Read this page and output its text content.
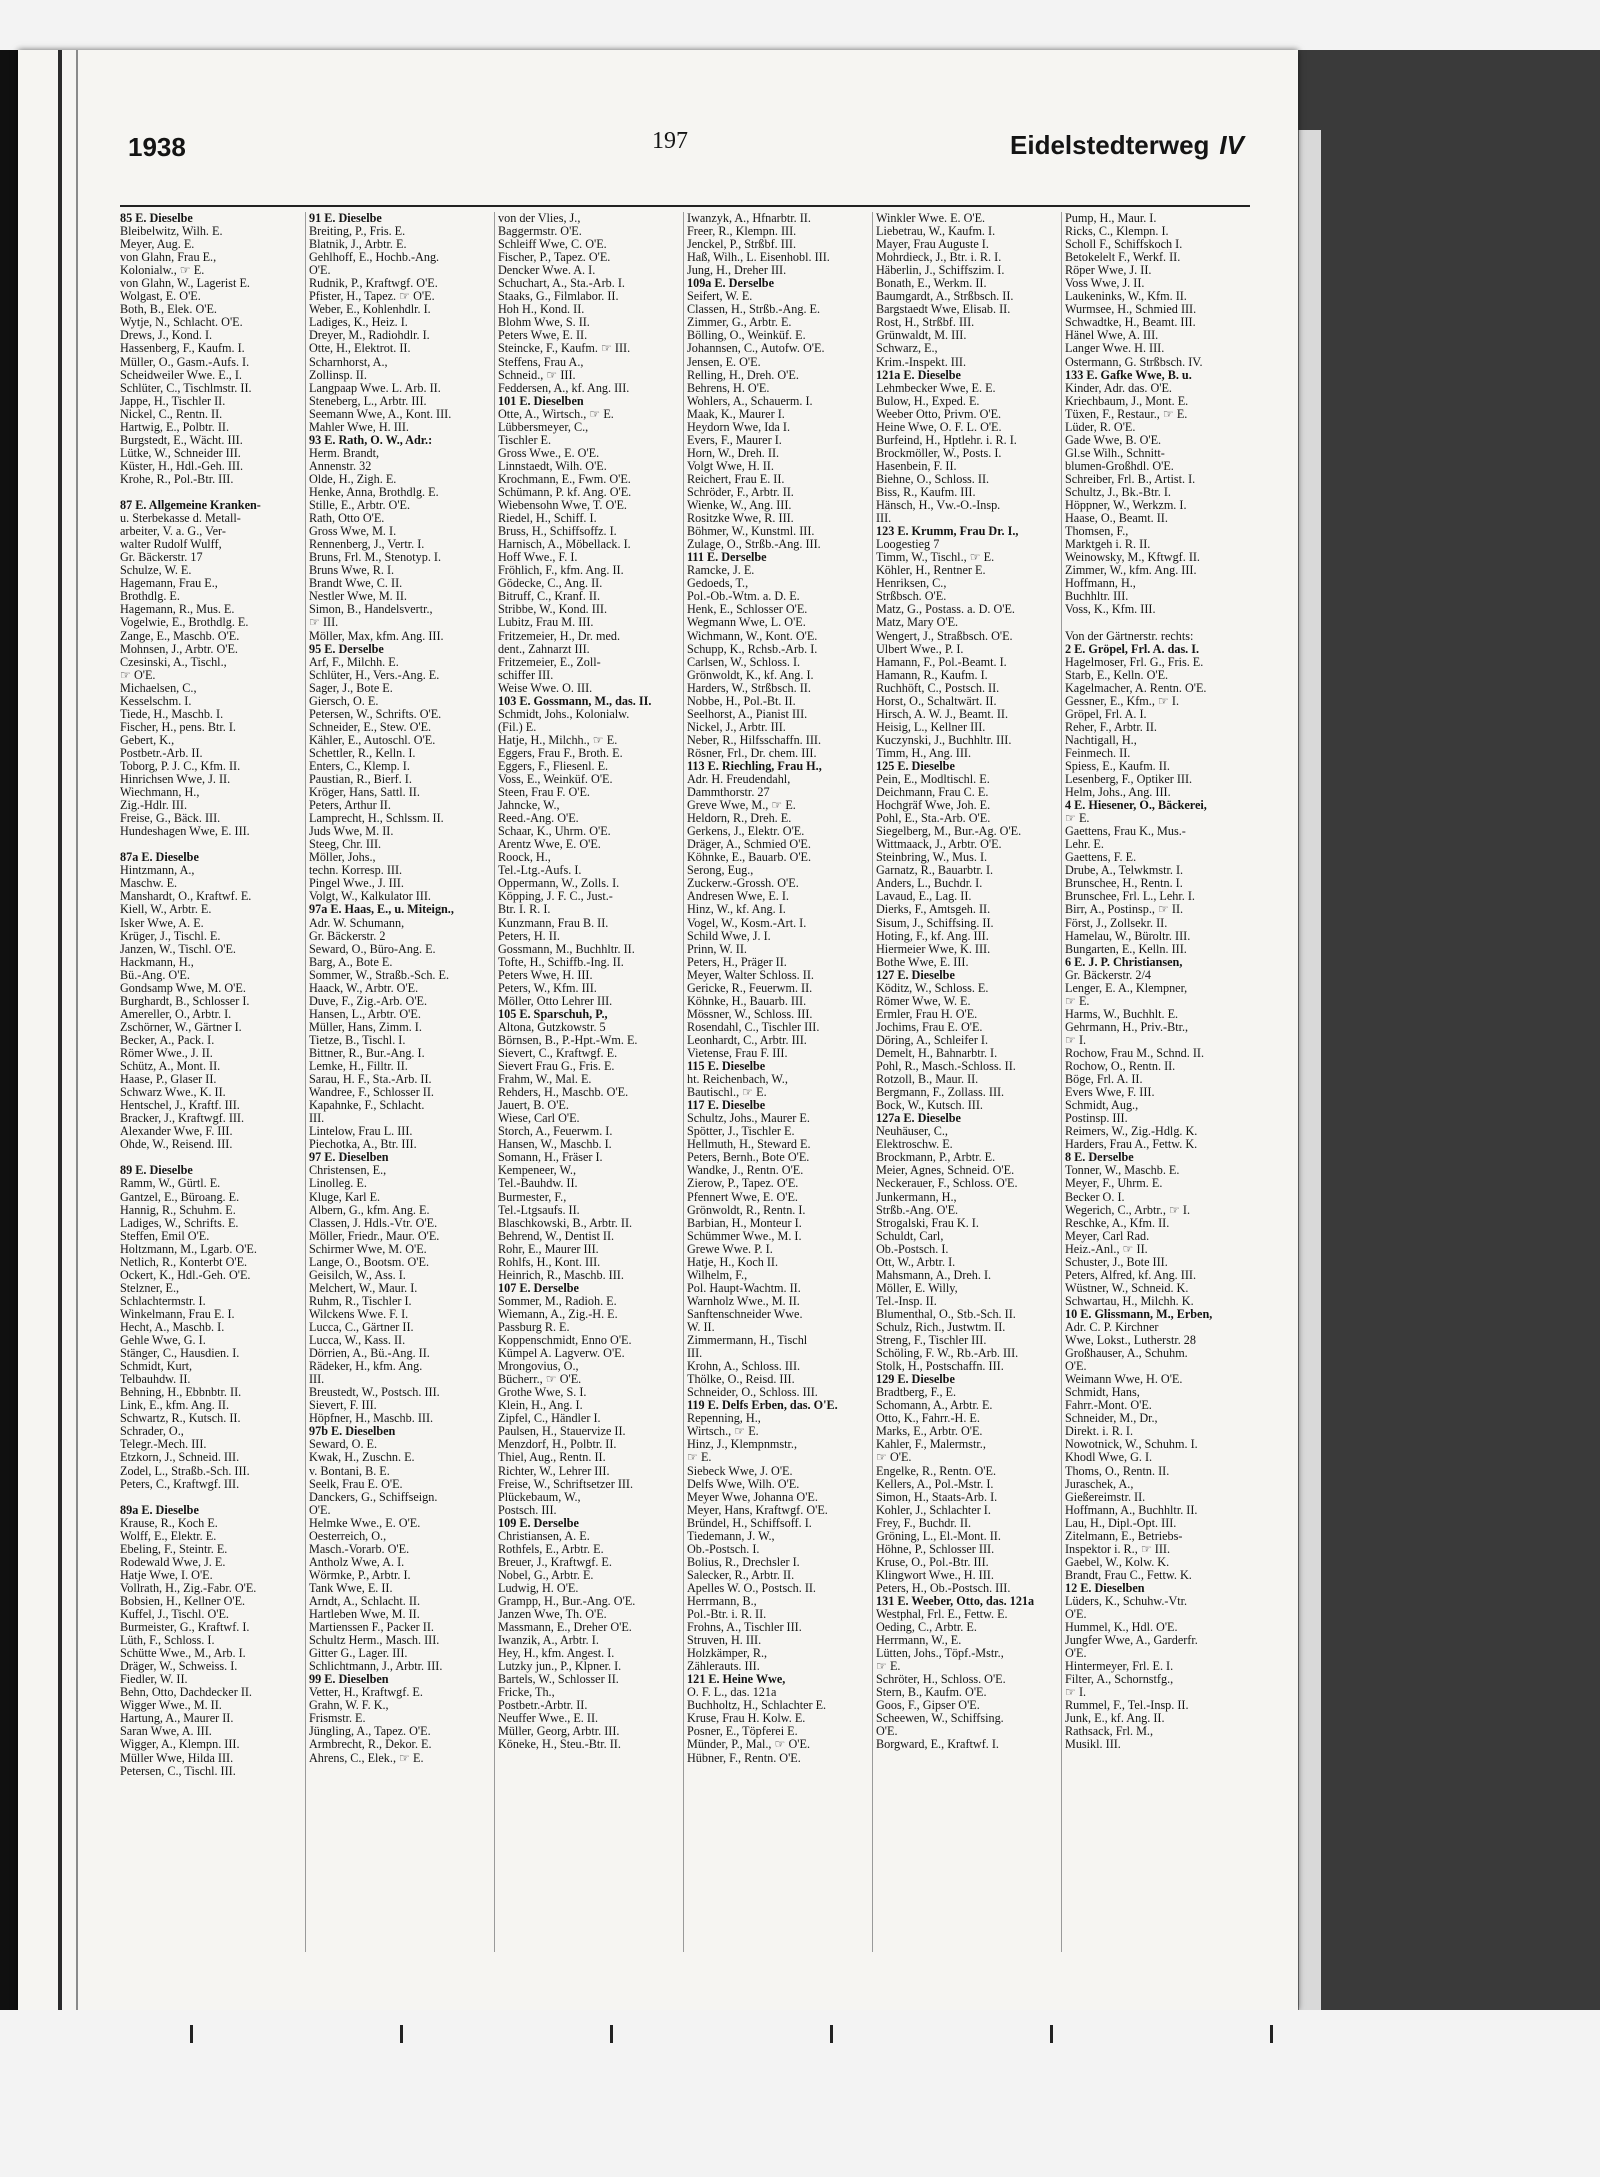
1938	197	Eidelstedterweg IV
85 E. Dieselbe
Bleibelwitz, Wilh. E.
Meyer, Aug. E.
von Glahn, Frau E.,
Kolonialw., ☞ E.
von Glahn, W., Lagerist E.
Wolgast, E. O'E.
Both, B., Elek. O'E.
Wytje, N., Schlacht. O'E.
Drews, J., Kond. I.
Hassenberg, F., Kaufm. I.
Müller, O., Gasm.-Aufs. I.
Scheidweiler Wwe. E., I.
Schlüter, C., Tischlmstr. II.
Jappe, H., Tischler II.
Nickel, C., Rentn. II.
Hartwig, E., Polbtr. II.
Burgstedt, E., Wächt. III.
Lütke, W., Schneider III.
Küster, H., Hdl.-Geh. III.
Krohe, R., Pol.-Btr. III.

87 E. Allgemeine Kranken-
u. Sterbekasse d. Metall-
arbeiter, V. a. G., Ver-
walter Rudolf Wulff,
Gr. Bäckerstr. 17
Schulze, W. E.
Hagemann, Frau E.,
Brothdlg. E.
Hagemann, R., Mus. E.
Vogelwie, E., Brothdlg. E.
Zange, E., Maschb. O'E.
Mohnsen, J., Arbtr. O'E.
Czesinski, A., Tischl.,
☞ O'E.
Michaelsen, C.,
Kesselschm. I.
Tiede, H., Maschb. I.
Fischer, H., pens. Btr. I.
Gebert, K.,
Postbetr.-Arb. II.
Toborg, P. J. C., Kfm. II.
Hinrichsen Wwe, J. II.
Wiechmann, H.,
Zig.-Hdlr. III.
Freise, G., Bäck. III.
Hundeshagen Wwe, E. III.

87a E. Dieselbe
Hintzmann, A.,
Maschw. E.
Manshardt, O., Kraftwf. E.
Kiell, W., Arbtr. E.
Isker Wwe, A. E.
Krüger, J., Tischl. E.
Janzen, W., Tischl. O'E.
Hackmann, H.,
Bü.-Ang. O'E.
Gondsamp Wwe, M. O'E.
Burghardt, B., Schlosser I.
Amereller, O., Arbtr. I.
Zschörner, W., Gärtner I.
Becker, A., Pack. I.
Römer Wwe., J. II.
Schütz, A., Mont. II.
Haase, P., Glaser II.
Schwarz Wwe., K. II.
Hentschel, J., Kraftf. III.
Bracker, J., Kraftwgf. III.
Alexander Wwe, F. III.
Ohde, W., Reisend. III.

89 E. Dieselbe
Ramm, W., Gürtl. E.
Gantzel, E., Büroang. E.
Hannig, R., Schuhm. E.
Ladiges, W., Schrifts. E.
Steffen, Emil O'E.
Holtzmann, M., Lgarb. O'E.
Netlich, R., Konterbt O'E.
Ockert, K., Hdl.-Geh. O'E.
Stelzner, E.,
Schlachtermstr. I.
Winkelmann, Frau E. I.
Hecht, A., Maschb. I.
Gehle Wwe, G. I.
Stänger, C., Hausdien. I.
Schmidt, Kurt,
Telbauhdw. II.
Behning, H., Ebbnbtr. II.
Link, E., kfm. Ang. II.
Schwartz, R., Kutsch. II.
Schrader, O.,
Telegr.-Mech. III.
Etzkorn, J., Schneid. III.
Zodel, L., Straßb.-Sch. III.
Peters, C., Kraftwgf. III.

89a E. Dieselbe
Krause, R., Koch E.
Wolff, E., Elektr. E.
Ebeling, F., Steintr. E.
Rodewald Wwe, J. E.
Hatje Wwe, I. O'E.
Vollrath, H., Zig.-Fabr. O'E.
Bobsien, H., Kellner O'E.
Kuffel, J., Tischl. O'E.
Burmeister, G., Kraftwf. I.
Lüth, F., Schloss. I.
Schütte Wwe., M., Arb. I.
Dräger, W., Schweiss. I.
Fiedler, W. II.
Behn, Otto, Dachdecker II.
Wigger Wwe., M. II.
Hartung, A., Maurer II.
Saran Wwe, A. III.
Wigger, A., Klempn. III.
Müller Wwe, Hilda III.
Petersen, C., Tischl. III.
91 E. Dieselbe
Breiting, P., Fris. E.
Blatnik, J., Arbtr. E.
Gehlhoff, E., Hochb.-Ang.
O'E.
Rudnik, P., Kraftwgf. O'E.
Pfister, H., Tapez. ☞ O'E.
Weber, E., Kohlenhdlr. I.
Ladiges, K., Heiz. I.
Dreyer, M., Radiohdlr. I.
Otte, H., Elektrot. II.
Scharnhorst, A.,
Zollinsp. II.
Langpaap Wwe. L. Arb. II.
Steneberg, L., Arbtr. III.
Seemann Wwe, A., Kont. III.
Mahler Wwe, H. III.
93 E. Rath, O. W., Adr.:
Herm. Brandt,
Annenstr. 32
Olde, H., Zigh. E.
Henke, Anna, Brothdlg. E.
Stille, E., Arbtr. O'E.
Rath, Otto O'E.
Gross Wwe, M. I.
Rennenberg, J., Vertr. I.
Bruns, Frl. M., Stenotyp. I.
Bruns Wwe, R. I.
Brandt Wwe, C. II.
Nestler Wwe, M. II.
Simon, B., Handelsvertr.,
☞ III.
Möller, Max, kfm. Ang. III.
95 E. Derselbe
Arf, F., Milchh. E.
Schlüter, H., Vers.-Ang. E.
Sager, J., Bote E.
Giersch, O. E.
Petersen, W., Schrifts. O'E.
Schneider, E., Stew. O'E.
Kähler, E., Autoschl. O'E.
Schettler, R., Kelln. I.
Enters, C., Klemp. I.
Paustian, R., Bierf. I.
Kröger, Hans, Sattl. II.
Peters, Arthur II.
Lamprecht, H., Schlssm. II.
Juds Wwe, M. II.
Steeg, Chr. III.
Möller, Johs.,
techn. Korresp. III.
Pingel Wwe., J. III.
Volgt, W., Kalkulator III.
97a E. Haas, E., u. Miteign.,
Adr. W. Schumann,
Gr. Bäckerstr. 2
Seward, O., Büro-Ang. E.
Barg, A., Bote E.
Sommer, W., Straßb.-Sch. E.
Haack, W., Arbtr. O'E.
Duve, F., Zig.-Arb. O'E.
Hansen, L., Arbtr. O'E.
Müller, Hans, Zimm. I.
Tietze, B., Tischl. I.
Bittner, R., Bur.-Ang. I.
Lemke, H., Filltr. II.
Sarau, H. F., Sta.-Arb. II.
Wandree, F., Schlosser II.
Kapahnke, F., Schlacht.
III.
Lintelow, Frau L. III.
Piechotka, A., Btr. III.
97 E. Dieselben
Christensen, E.,
Linolleg. E.
Kluge, Karl E.
Albern, G., kfm. Ang. E.
Classen, J. Hdls.-Vtr. O'E.
Möller, Friedr., Maur. O'E.
Schirmer Wwe, M. O'E.
Lange, O., Bootsm. O'E.
Geisilch, W., Ass. I.
Melchert, W., Maur. I.
Ruhm, R., Tischler I.
Wilckens Wwe. F. I.
Lucca, C., Gärtner II.
Lucca, W., Kass. II.
Dörrien, A., Bü.-Ang. II.
Rädeker, H., kfm. Ang.
III.
Breustedt, W., Postsch. III.
Sievert, F. III.
Höpfner, H., Maschb. III.
97b E. Dieselben
Seward, O. E.
Kwak, H., Zuschn. E.
v. Bontani, B. E.
Seelk, Frau E. O'E.
Danckers, G., Schiffseign.
O'E.
Helmke Wwe., E. O'E.
Oesterreich, O.,
Masch.-Vorarb. O'E.
Antholz Wwe, A. I.
Wörmke, P., Arbtr. I.
Tank Wwe, E. II.
Arndt, A., Schlacht. II.
Hartleben Wwe, M. II.
Martienssen F., Packer II.
Schultz Herm., Masch. III.
Gitter G., Lager. III.
Schlichtmann, J., Arbtr. III.
99 E. Dieselben
Vetter, H., Kraftwgf. E.
Grahn, W. F. K.,
Frismstr. E.
Jüngling, A., Tapez. O'E.
Armbrecht, R., Dekor. E.
Ahrens, C., Elek., ☞ E.
von der Vlies, J.,
Baggermstr. O'E.
Schleiff Wwe, C. O'E.
Fischer, P., Tapez. O'E.
Dencker Wwe. A. I.
Schuchart, A., Sta.-Arb. I.
Staaks, G., Filmlabor. II.
Hoh H., Kond. II.
Blohm Wwe, S. II.
Peters Wwe, E. II.
Steincke, F., Kaufm. ☞ III.
Steffens, Frau A.,
Schneid., ☞ III.
Feddersen, A., kf. Ang. III.
101 E. Dieselben
Otte, A., Wirtsch., ☞ E.
Lübbersmeyer, C.,
Tischler E.
Gross Wwe., E. O'E.
Linnstaedt, Wilh. O'E.
Krochmann, E., Fwm. O'E.
Schümann, P. kf. Ang. O'E.
Wiebensohn Wwe, T. O'E.
Riedel, H., Schiff. I.
Bruss, H., Schiffsoffz. I.
Harnisch, A., Möbellack. I.
Hoff Wwe., F. I.
Fröhlich, F., kfm. Ang. II.
Gödecke, C., Ang. II.
Bitruff, C., Kranf. II.
Stribbe, W., Kond. III.
Lubitz, Frau M. III.
Fritzemeier, H., Dr. med.
dent., Zahnarzt III.
Fritzemeier, E., Zoll-
schiffer III.
Weise Wwe. O. III.
103 E. Gossmann, M., das. II.
Schmidt, Johs., Kolonialw.
(Fil.) E.
Hatje, H., Milchh., ☞ E.
Eggers, Frau F., Broth. E.
Eggers, F., Fliesenl. E.
Voss, E., Weinküf. O'E.
Steen, Frau F. O'E.
Jahncke, W.,
Reed.-Ang. O'E.
Schaar, K., Uhrm. O'E.
Arentz Wwe, E. O'E.
Roock, H.,
Tel.-Ltg.-Aufs. I.
Oppermann, W., Zolls. I.
Köpping, J. F. C., Just.-
Btr. I. R. I.
Kunzmann, Frau B. II.
Peters, H. II.
Gossmann, M., Buchhltr. II.
Tofte, H., Schiffb.-Ing. II.
Peters Wwe, H. III.
Peters, W., Kfm. III.
Möller, Otto Lehrer III.
105 E. Sparschuh, P.,
Altona, Gutzkowstr. 5
Börnsen, B., P.-Hpt.-Wm. E.
Sievert, C., Kraftwgf. E.
Sievert Frau G., Fris. E.
Frahm, W., Mal. E.
Rehders, H., Maschb. O'E.
Jauert, B. O'E.
Wiese, Carl O'E.
Storch, A., Feuerwm. I.
Hansen, W., Maschb. I.
Somann, H., Fräser I.
Kempeneer, W.,
Tel.-Bauhdw. II.
Burmester, F.,
Tel.-Ltgsaufs. II.
Blaschkowski, B., Arbtr. II.
Behrend, W., Dentist II.
Rohr, E., Maurer III.
Rohlfs, H., Kont. III.
Heinrich, R., Maschb. III.
107 E. Derselbe
Sommer, M., Radioh. E.
Wiemann, A., Zig.-H. E.
Passburg R. E.
Koppenschmidt, Enno O'E.
Kümpel A. Lagverw. O'E.
Mrongovius, O.,
Bücherr., ☞ O'E.
Grothe Wwe, S. I.
Klein, H., Ang. I.
Zipfel, C., Händler I.
Paulsen, H., Stauervize II.
Menzdorf, H., Polbtr. II.
Thiel, Aug., Rentn. II.
Richter, W., Lehrer III.
Freise, W., Schriftsetzer III.
Plückebaum, W.,
Postsch. III.
109 E. Derselbe
Christiansen, A. E.
Rothfels, E., Arbtr. E.
Breuer, J., Kraftwgf. E.
Nobel, G., Arbtr. E.
Ludwig, H. O'E.
Grampp, H., Bur.-Ang. O'E.
Janzen Wwe, Th. O'E.
Massmann, E., Dreher O'E.
Iwanzik, A., Arbtr. I.
Hey, H., kfm. Angest. I.
Lutzky jun., P., Klpner. I.
Bartels, W., Schlosser II.
Fricke, Th.,
Postbetr.-Arbtr. II.
Neuffer Wwe., E. II.
Müller, Georg, Arbtr. III.
Köneke, H., Steu.-Btr. II.
Iwanzyk, A., Hfnarbtr. II.
Freer, R., Klempn. III.
Jenckel, P., Strßbf. III.
Haß, Wilh., L. Eisenhobl. III.
Jung, H., Dreher III.
109a E. Derselbe
Seifert, W. E.
Classen, H., Strßb.-Ang. E.
Zimmer, G., Arbtr. E.
Bölling, O., Weinküf. E.
Johannsen, C., Autofw. O'E.
Jensen, E. O'E.
Relling, H., Dreh. O'E.
Behrens, H. O'E.
Wohlers, A., Schauerm. I.
Maak, K., Maurer I.
Heydorn Wwe, Ida I.
Evers, F., Maurer I.
Horn, W., Dreh. II.
Volgt Wwe, H. II.
Reichert, Frau E. II.
Schröder, F., Arbtr. II.
Wienke, W., Ang. III.
Rositzke Wwe, R. III.
Böhmer, W., Kunstml. III.
Zulage, O., Strßb.-Ang. III.
111 E. Derselbe
Ramcke, J. E.
Gedoeds, T.,
Pol.-Ob.-Wtm. a. D. E.
Henk, E., Schlosser O'E.
Wegmann Wwe, L. O'E.
Wichmann, W., Kont. O'E.
Schupp, K., Rchsb.-Arb. I.
Carlsen, W., Schloss. I.
Grönwoldt, K., kf. Ang. I.
Harders, W., Strßbsch. II.
Nobbe, H., Pol.-Bt. II.
Seelhorst, A., Pianist III.
Nickel, J., Arbtr. III.
Neber, R., Hilfsschaffn. III.
Rösner, Frl., Dr. chem. III.
113 E. Riechling, Frau H.,
Adr. H. Freudendahl,
Dammthorstr. 27
Greve Wwe, M., ☞ E.
Heldorn, R., Dreh. E.
Gerkens, J., Elektr. O'E.
Dräger, A., Schmied O'E.
Köhnke, E., Bauarb. O'E.
Serong, Eug.,
Zuckerw.-Grossh. O'E.
Andresen Wwe, E. I.
Hinz, W., kf. Ang. I.
Vogel, W., Kosm.-Art. I.
Schild Wwe, J. I.
Prinn, W. II.
Peters, H., Präger II.
Meyer, Walter Schloss. II.
Gericke, R., Feuerwm. II.
Köhnke, H., Bauarb. III.
Mössner, W., Schloss. III.
Rosendahl, C., Tischler III.
Leonhardt, C., Arbtr. III.
Vietense, Frau F. III.
115 E. Dieselbe
ht. Reichenbach, W.,
Bautischl., ☞ E.
117 E. Dieselbe
Schultz, Johs., Maurer E.
Spötter, J., Tischler E.
Hellmuth, H., Steward E.
Peters, Bernh., Bote O'E.
Wandke, J., Rentn. O'E.
Zierow, P., Tapez. O'E.
Pfennert Wwe, E. O'E.
Grönwoldt, R., Rentn. I.
Barbian, H., Monteur I.
Schümmer Wwe., M. I.
Grewe Wwe. P. I.
Hatje, H., Koch II.
Wilhelm, F.,
Pol. Haupt-Wachtm. II.
Warnholz Wwe., M. II.
Sanftenschneider Wwe.
W. II.
Zimmermann, H., Tischl
III.
Krohn, A., Schloss. III.
Thölke, O., Reisd. III.
Schneider, O., Schloss. III.
119 E. Delfs Erben, das. O'E.
Repenning, H.,
Wirtsch., ☞ E.
Hinz, J., Klempnmstr.,
☞ E.
Siebeck Wwe, J. O'E.
Delfs Wwe, Wilh. O'E.
Meyer Wwe, Johanna O'E.
Meyer, Hans, Kraftwgf. O'E.
Bründel, H., Schiffsoff. I.
Tiedemann, J. W.,
Ob.-Postsch. I.
Bolius, R., Drechsler I.
Salecker, R., Arbtr. II.
Apelles W. O., Postsch. II.
Herrmann, B.,
Pol.-Btr. i. R. II.
Frohns, A., Tischler III.
Struven, H. III.
Holzkämper, R.,
Zählerauts. III.
121 E. Heine Wwe,
O. F. L., das. 121a
Buchholtz, H., Schlachter E.
Kruse, Frau H. Kolw. E.
Posner, E., Töpferei E.
Münder, P., Mal., ☞ O'E.
Hübner, F., Rentn. O'E.
Winkler Wwe. E. O'E.
Liebetrau, W., Kaufm. I.
Mayer, Frau Auguste I.
Mohrdieck, J., Btr. i. R. I.
Häberlin, J., Schiffszim. I.
Bonath, E., Werkm. II.
Baumgardt, A., Strßbsch. II.
Bargstaedt Wwe, Elisab. II.
Rost, H., Strßbf. III.
Grünwaldt, M. III.
Schwarz, E.,
Krim.-Inspekt. III.
121a E. Dieselbe
Lehmbecker Wwe, E. E.
Bulow, H., Exped. E.
Weeber Otto, Privm. O'E.
Heine Wwe, O. F. L. O'E.
Burfeind, H., Hptlehr. i. R. I.
Brockmöller, W., Posts. I.
Hasenbein, F. II.
Biehne, O., Schloss. II.
Biss, R., Kaufm. III.
Hänsch, H., Vw.-O.-Insp.
III.
123 E. Krumm, Frau Dr. I.,
Loogestieg 7
Timm, W., Tischl., ☞ E.
Köhler, H., Rentner E.
Henriksen, C.,
Strßbsch. O'E.
Matz, G., Postass. a. D. O'E.
Matz, Mary O'E.
Wengert, J., Straßbsch. O'E.
Ulbert Wwe., P. I.
Hamann, F., Pol.-Beamt. I.
Hamann, R., Kaufm. I.
Ruchhöft, C., Postsch. II.
Horst, O., Schaltwärt. II.
Hirsch, A. W. J., Beamt. II.
Heisig, L., Kellner III.
Kuczynski, J., Buchhltr. III.
Timm, H., Ang. III.
125 E. Dieselbe
Pein, E., Modltischl. E.
Deichmann, Frau C. E.
Hochgräf Wwe, Joh. E.
Pohl, E., Sta.-Arb. O'E.
Siegelberg, M., Bur.-Ag. O'E.
Wittmaack, J., Arbtr. O'E.
Steinbring, W., Mus. I.
Garnatz, R., Bauarbtr. I.
Anders, L., Buchdr. I.
Lavaud, E., Lag. II.
Dierks, F., Amtsgeh. II.
Sisum, J., Schiffsing. II.
Hoting, F., kf. Ang. III.
Hiermeier Wwe, K. III.
Bothe Wwe, E. III.
127 E. Dieselbe
Köditz, W., Schloss. E.
Römer Wwe, W. E.
Ermler, Frau H. O'E.
Jochims, Frau E. O'E.
Döring, A., Schleifer I.
Demelt, H., Bahnarbtr. I.
Pohl, R., Masch.-Schloss. II.
Rotzoll, B., Maur. II.
Bergmann, F., Zollass. III.
Bock, W., Kutsch. III.
127a E. Dieselbe
Neuhäuser, C.,
Elektroschw. E.
Brockmann, P., Arbtr. E.
Meier, Agnes, Schneid. O'E.
Neckerauer, F., Schloss. O'E.
Junkermann, H.,
Strßb.-Ang. O'E.
Strogalski, Frau K. I.
Schuldt, Carl,
Ob.-Postsch. I.
Ott, W., Arbtr. I.
Mahsmann, A., Dreh. I.
Möller, E. Willy,
Tel.-Insp. II.
Blumenthal, O., Stb.-Sch. II.
Schulz, Rich., Justwtm. II.
Streng, F., Tischler III.
Schöling, F. W., Rb.-Arb. III.
Stolk, H., Postschaffn. III.
129 E. Dieselbe
Bradtberg, F., E.
Schomann, A., Arbtr. E.
Otto, K., Fahrr.-H. E.
Marks, E., Arbtr. O'E.
Kahler, F., Malermstr.,
☞ O'E.
Engelke, R., Rentn. O'E.
Kellers, A., Pol.-Mstr. I.
Simon, H., Staats-Arb. I.
Kohler, J., Schlachter I.
Frey, F., Buchdr. II.
Gröning, L., El.-Mont. II.
Höhne, P., Schlosser III.
Kruse, O., Pol.-Btr. III.
Klingwort Wwe., H. III.
Peters, H., Ob.-Postsch. III.
131 E. Weeber, Otto, das. 121a
Westphal, Frl. E., Fettw. E.
Oeding, C., Arbtr. E.
Herrmann, W., E.
Lütten, Johs., Töpf.-Mstr.,
☞ E.
Schröter, H., Schloss. O'E.
Stern, B., Kaufm. O'E.
Goos, F., Gipser O'E.
Scheewen, W., Schiffsing.
O'E.
Borgward, E., Kraftwf. I.
Pump, H., Maur. I.
Ricks, C., Klempn. I.
Scholl F., Schiffskoch I.
Betokelelt F., Werkf. II.
Röper Wwe, J. II.
Voss Wwe, J. II.
Laukeninks, W., Kfm. II.
Wurmsee, H., Schmied III.
Schwadtke, H., Beamt. III.
Hänel Wwe, A. III.
Langer Wwe. H. III.
Ostermann, G. Strßbsch. IV.
133 E. Gafke Wwe, B. u.
Kinder, Adr. das. O'E.
Kriechbaum, J., Mont. E.
Tüxen, F., Restaur., ☞ E.
Lüder, R. O'E.
Gade Wwe, B. O'E.
Gl.se Wilh., Schnitt-
blumen-Großhdl. O'E.
Schreiber, Frl. B., Artist. I.
Schultz, J., Bk.-Btr. I.
Höppner, W., Werkzm. I.
Haase, O., Beamt. II.
Thomsen, F.,
Marktgeh i. R. II.
Weinowsky, M., Kftwgf. II.
Zimmer, W., kfm. Ang. III.
Hoffmann, H.,
Buchhltr. III.
Voss, K., Kfm. III.

Von der Gärtnerstr. rechts:
2 E. Gröpel, Frl. A. das. I.
Hagelmoser, Frl. G., Fris. E.
Starb, E., Kelln. O'E.
Kagelmacher, A. Rentn. O'E.
Gessner, E., Kfm., ☞ I.
Gröpel, Frl. A. I.
Reher, F., Arbtr. II.
Nachtigall, H.,
Feinmech. II.
Spiess, E., Kaufm. II.
Lesenberg, F., Optiker III.
Helm, Johs., Ang. III.
4 E. Hiesener, O., Bäckerei,
☞ E.
Gaettens, Frau K., Mus.-
Lehr. E.
Gaettens, F. E.
Drube, A., Telwkmstr. I.
Brunschee, H., Rentn. I.
Brunschee, Frl. L., Lehr. I.
Birr, A., Postinsp., ☞ II.
Först, J., Zollsekr. II.
Hamelau, W., Büroltr. III.
Bungarten, E., Kelln. III.
6 E. J. P. Christiansen,
Gr. Bäckerstr. 2/4
Lenger, E. A., Klempner,
☞ E.
Harms, W., Buchhlt. E.
Gehrmann, H., Priv.-Btr.,
☞ I.
Rochow, Frau M., Schnd. II.
Rochow, O., Rentn. II.
Böge, Frl. A. II.
Evers Wwe, F. III.
Schmidt, Aug.,
Postinsp. III.
Reimers, W., Zig.-Hdlg. K.
Harders, Frau A., Fettw. K.
8 E. Derselbe
Tonner, W., Maschb. E.
Meyer, F., Uhrm. E.
Becker O. I.
Wegerich, C., Arbtr., ☞ I.
Reschke, A., Kfm. II.
Meyer, Carl Rad.
Heiz.-Anl., ☞ II.
Schuster, J., Bote III.
Peters, Alfred, kf. Ang. III.
Wüstner, W., Schneid. K.
Schwartau, H., Milchh. K.
10 E. Glissmann, M., Erben,
Adr. C. P. Kirchner
Wwe, Lokst., Lutherstr. 28
Großhauser, A., Schuhm.
O'E.
Weimann Wwe, H. O'E.
Schmidt, Hans,
Fahrr.-Mont. O'E.
Schneider, M., Dr.,
Direkt. i. R. I.
Nowotnick, W., Schuhm. I.
Khodl Wwe, G. I.
Thoms, O., Rentn. II.
Juraschek, A.,
Gießereimstr. II.
Hoffmann, A., Buchhltr. II.
Lau, H., Dipl.-Opt. III.
Zitelmann, E., Betriebs-
Inspektor i. R., ☞ III.
Gaebel, W., Kolw. K.
Brandt, Frau C., Fettw. K.
12 E. Dieselben
Lüders, K., Schuhw.-Vtr.
O'E.
Hummel, K., Hdl. O'E.
Jungfer Wwe, A., Garderfr.
O'E.
Hintermeyer, Frl. E. I.
Filter, A., Schornstfg.,
☞ I.
Rummel, F., Tel.-Insp. II.
Junk, E., kf. Ang. II.
Rathsack, Frl. M.,
Musikl. III.
